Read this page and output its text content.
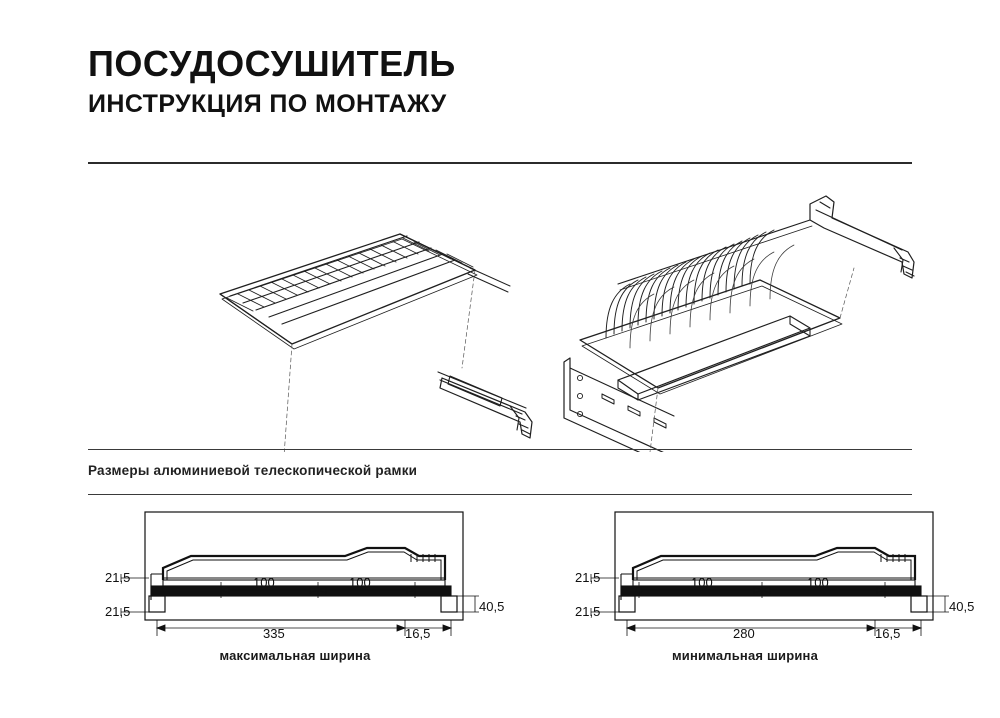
ПОСУДОСУШИТЕЛЬ
ИНСТРУКЦИЯ ПО МОНТАЖУ
Размеры алюминиевой телескопической рамки
21,5
21,5
100	100
335	16,5
40,5
максимальная ширина
21,5
21,5
100	100
280	16,5
40,5
минимальная ширина
